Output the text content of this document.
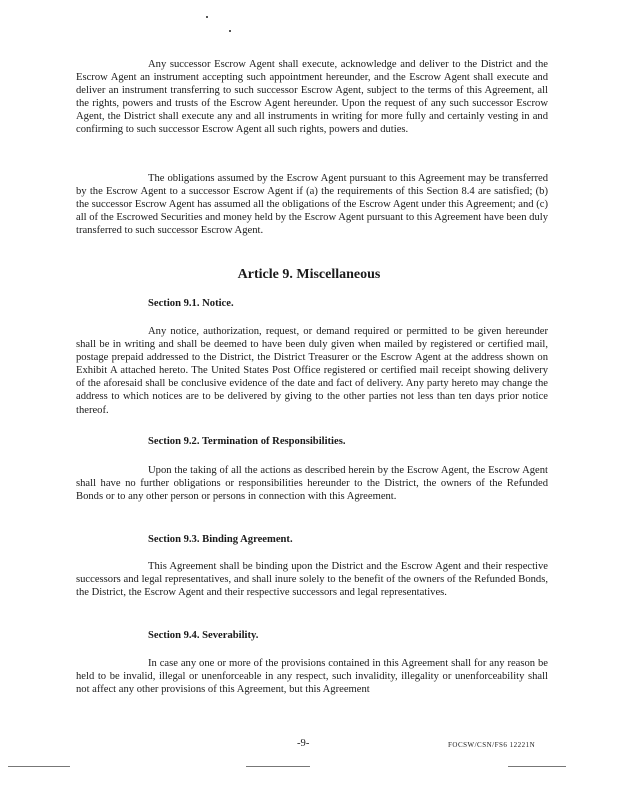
Any successor Escrow Agent shall execute, acknowledge and deliver to the District and the Escrow Agent an instrument accepting such appointment hereunder, and the Escrow Agent shall execute and deliver an instrument transferring to such successor Escrow Agent, subject to the terms of this Agreement, all the rights, powers and trusts of the Escrow Agent hereunder. Upon the request of any such successor Escrow Agent, the District shall execute any and all instruments in writing for more fully and certainly vesting in and confirming to such successor Escrow Agent all such rights, powers and duties.

The obligations assumed by the Escrow Agent pursuant to this Agreement may be transferred by the Escrow Agent to a successor Escrow Agent if (a) the requirements of this Section 8.4 are satisfied; (b) the successor Escrow Agent has assumed all the obligations of the Escrow Agent under this Agreement; and (c) all of the Escrowed Securities and money held by the Escrow Agent pursuant to this Agreement have been duly transferred to such successor Escrow Agent.

Article 9. Miscellaneous

Section 9.1. Notice.

Any notice, authorization, request, or demand required or permitted to be given hereunder shall be in writing and shall be deemed to have been duly given when mailed by registered or certified mail, postage prepaid addressed to the District, the District Treasurer or the Escrow Agent at the address shown on Exhibit A attached hereto. The United States Post Office registered or certified mail receipt showing delivery of the aforesaid shall be conclusive evidence of the date and fact of delivery. Any party hereto may change the address to which notices are to be delivered by giving to the other parties not less than ten days prior notice thereof.

Section 9.2. Termination of Responsibilities.

Upon the taking of all the actions as described herein by the Escrow Agent, the Escrow Agent shall have no further obligations or responsibilities hereunder to the District, the owners of the Refunded Bonds or to any other person or persons in connection with this Agreement.

Section 9.3. Binding Agreement.

This Agreement shall be binding upon the District and the Escrow Agent and their respective successors and legal representatives, and shall inure solely to the benefit of the owners of the Refunded Bonds, the District, the Escrow Agent and their respective successors and legal representatives.

Section 9.4. Severability.

In case any one or more of the provisions contained in this Agreement shall for any reason be held to be invalid, illegal or unenforceable in any respect, such invalidity, illegality or unenforceability shall not affect any other provisions of this Agreement, but this Agreement

-9-	FOCSW/CSN/FS6 12221N
